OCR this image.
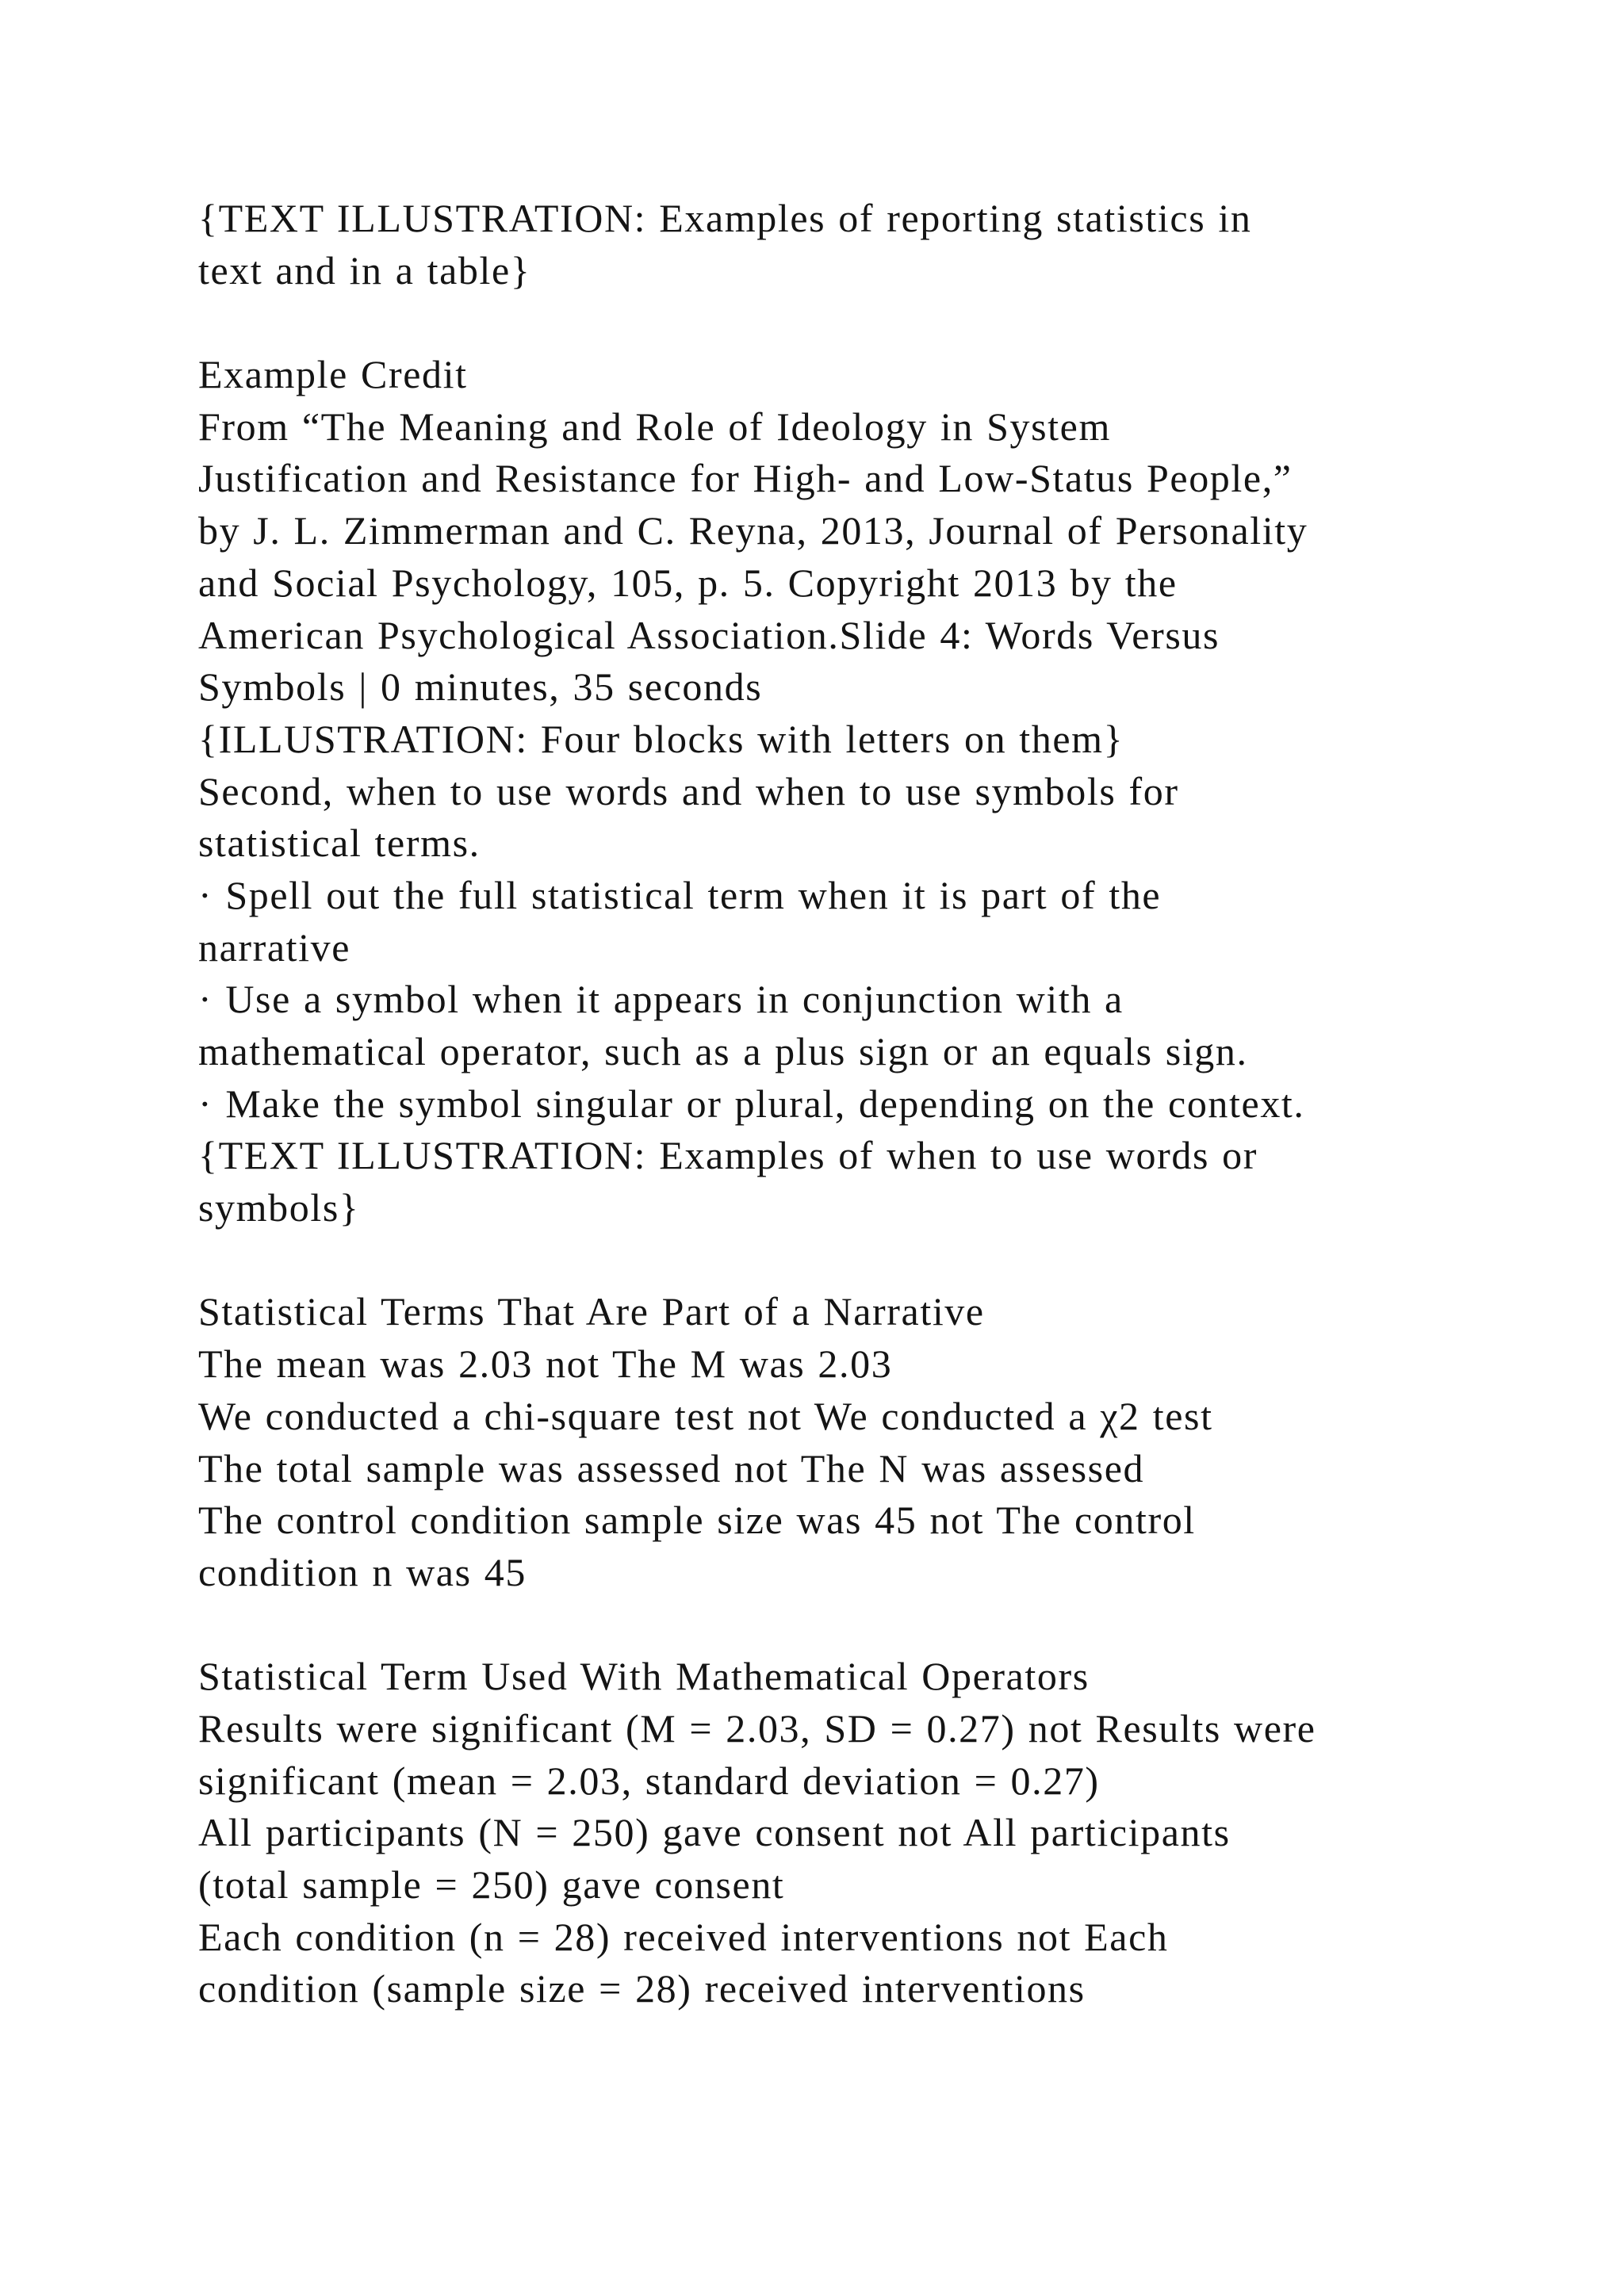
{TEXT ILLUSTRATION: Examples of reporting statistics in
text and in a table}
Example Credit
From “The Meaning and Role of Ideology in System
Justification and Resistance for High- and Low-Status People,”
by J. L. Zimmerman and C. Reyna, 2013, Journal of Personality
and Social Psychology, 105, p. 5. Copyright 2013 by the
American Psychological Association.Slide 4: Words Versus
Symbols | 0 minutes, 35 seconds
{ILLUSTRATION: Four blocks with letters on them}
Second, when to use words and when to use symbols for
statistical terms.
· Spell out the full statistical term when it is part of the
narrative
· Use a symbol when it appears in conjunction with a
mathematical operator, such as a plus sign or an equals sign.
· Make the symbol singular or plural, depending on the context.
{TEXT ILLUSTRATION: Examples of when to use words or
symbols}
Statistical Terms That Are Part of a Narrative
The mean was 2.03 not The M was 2.03
We conducted a chi-square test not We conducted a χ2 test
The total sample was assessed not The N was assessed
The control condition sample size was 45 not The control
condition n was 45
Statistical Term Used With Mathematical Operators
Results were significant (M = 2.03, SD = 0.27) not Results were
significant (mean = 2.03, standard deviation = 0.27)
All participants (N = 250) gave consent not All participants
(total sample = 250) gave consent
Each condition (n = 28) received interventions not Each
condition (sample size = 28) received interventions
